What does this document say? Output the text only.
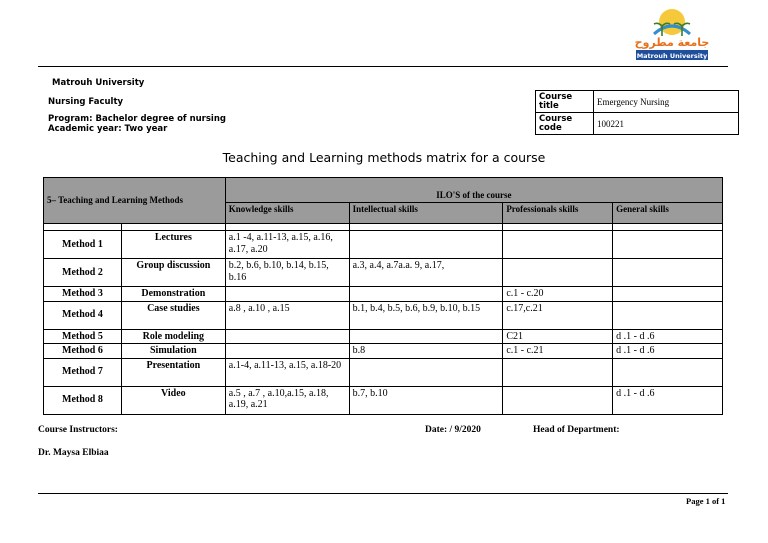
جامعة مطروح
Matrouh University
Matrouh University
Nursing Faculty
Program: Bachelor degree of nursing
Academic year: Two year
Course title	Emergency Nursing
Course code	100221
Teaching and Learning methods matrix for a course
5– Teaching and Learning Methods		ILO'S of the course			
		Knowledge skills	Intellectual skills	Professionals skills	General skills

Method 1	Lectures	a.1 -4, a.11-13, a.15, a.16, a.17, a.20			
Method 2	Group discussion	b.2, b.6, b.10, b.14, b.15, b.16	a.3, a.4, a.7a.a. 9, a.17,		
Method 3	Demonstration			c.1 - c.20	
Method 4	Case studies	a.8 , a.10 , a.15	b.1, b.4, b.5, b.6, b.9, b.10, b.15	c.17,c.21	
Method 5	Role modeling			C21	d .1 - d .6
Method 6	Simulation		b.8	c.1 - c.21	d .1 - d .6
Method 7	Presentation	a.1-4, a.11-13, a.15, a.18-20			
Method 8	Video	a.5 , a.7 , a.10,a.15, a.18, a.19, a.21	b.7, b.10		d .1 - d .6
Course Instructors:	Date: / 9/2020	Head of Department:
Dr. Maysa Elbiaa
Page 1 of 1
